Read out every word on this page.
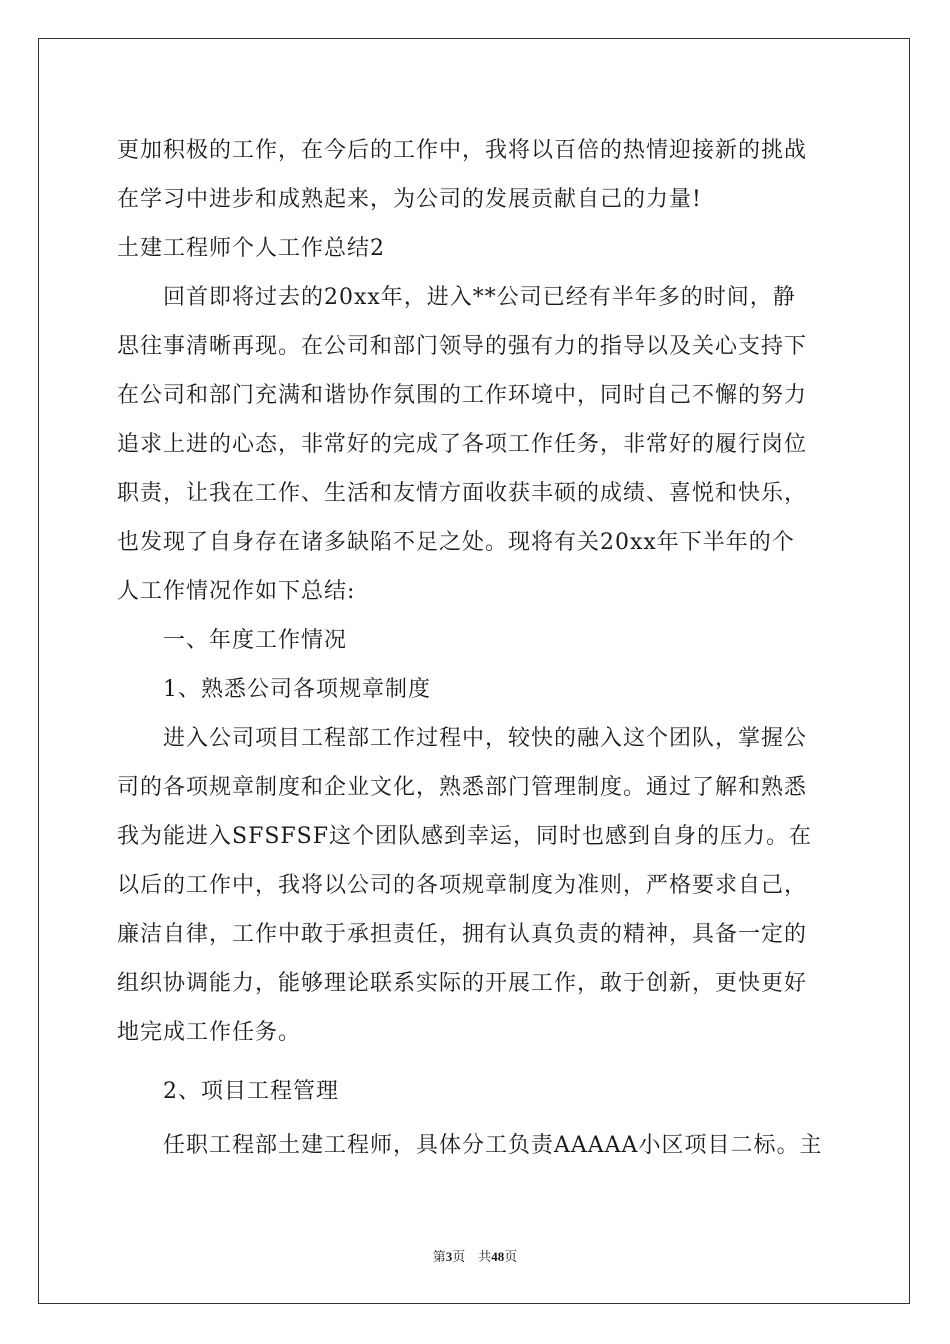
更加积极的工作，在今后的工作中，我将以百倍的热情迎接新的挑战
在学习中进步和成熟起来，为公司的发展贡献自己的力量!
土建工程师个人工作总结2
回首即将过去的20xx年，进入**公司已经有半年多的时间，静
思往事清晰再现。在公司和部门领导的强有力的指导以及关心支持下
在公司和部门充满和谐协作氛围的工作环境中，同时自己不懈的努力
追求上进的心态，非常好的完成了各项工作任务，非常好的履行岗位
职责，让我在工作、生活和友情方面收获丰硕的成绩、喜悦和快乐，
也发现了自身存在诸多缺陷不足之处。现将有关20xx年下半年的个
人工作情况作如下总结:
一、年度工作情况
1、熟悉公司各项规章制度
进入公司项目工程部工作过程中，较快的融入这个团队，掌握公
司的各项规章制度和企业文化，熟悉部门管理制度。通过了解和熟悉
我为能进入SFSFSF这个团队感到幸运，同时也感到自身的压力。在
以后的工作中，我将以公司的各项规章制度为准则，严格要求自己，
廉洁自律，工作中敢于承担责任，拥有认真负责的精神，具备一定的
组织协调能力，能够理论联系实际的开展工作，敢于创新，更快更好
地完成工作任务。
2、项目工程管理
任职工程部土建工程师，具体分工负责AAAAA小区项目二标。主
第3页　共48页
